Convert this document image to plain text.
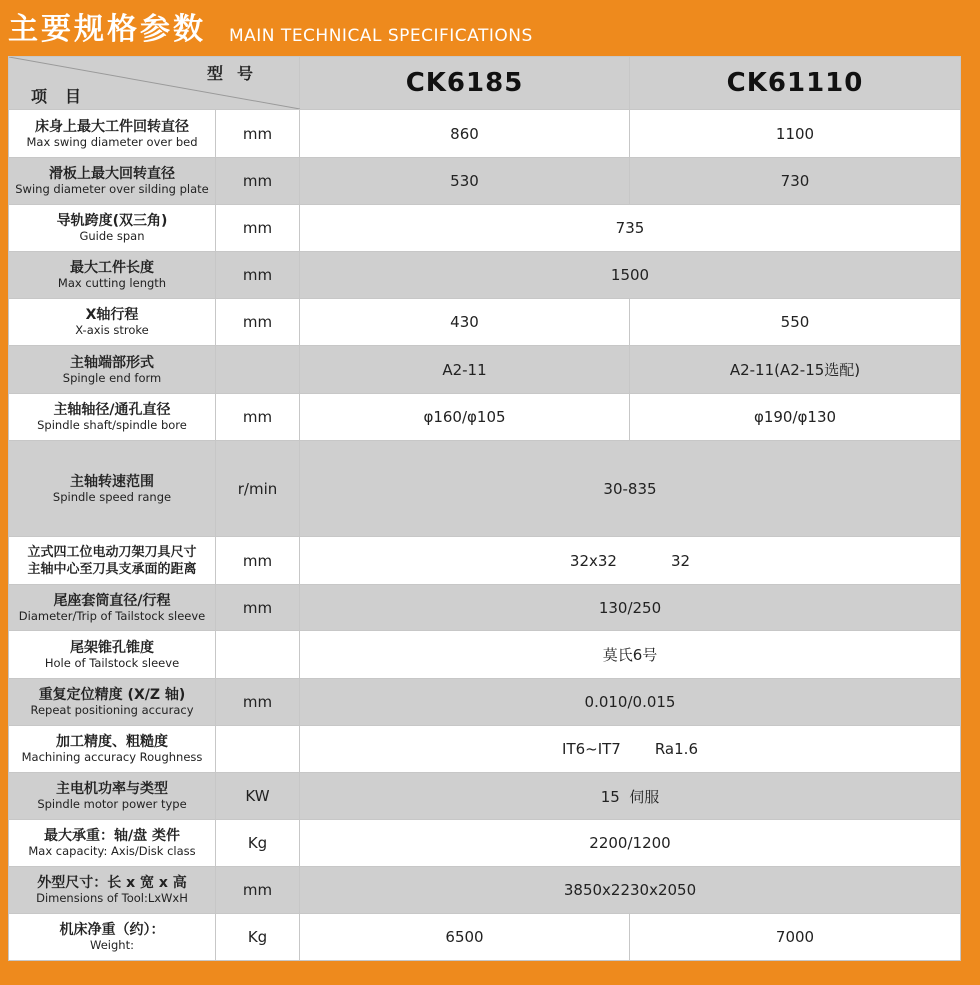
主要规格参数 MAIN TECHNICAL SPECIFICATIONS
型号
项目		CK6185	CK61110

床身上最大工件回转直径
Max swing diameter over bed	mm	860	1100

滑板上最大回转直径
Swing diameter over silding plate	mm	530	730

导轨跨度(双三角)
Guide span	mm	735	

最大工件长度
Max cutting length	mm	1500	

X轴行程
X-axis stroke	mm	430	550

主轴端部形式
Spingle end form		A2-11	A2-11(A2-15选配)

主轴轴径/通孔直径
Spindle shaft/spindle bore	mm	φ160/φ105	φ190/φ130

主轴转速范围
Spindle speed range	r/min	30-835	

立式四工位电动刀架刀具尺寸
主轴中心至刀具支承面的距离	mm	32x32 32	

尾座套筒直径/行程
Diameter/Trip of Tailstock sleeve	mm	130/250	

尾架锥孔锥度
Hole of Tailstock sleeve		莫氏6号	

重复定位精度 (X/Z 轴)
Repeat positioning accuracy	mm	0.010/0.015	

加工精度、粗糙度
Machining accuracy Roughness		IT6~IT7 Ra1.6	

主电机功率与类型
Spindle motor power type	KW	15  伺服	

最大承重：轴/盘 类件
Max capacity: Axis/Disk class	Kg	2200/1200	

外型尺寸：长 x 宽 x 高
Dimensions of Tool:LxWxH	mm	3850x2230x2050	

机床净重（约）：
Weight:	Kg	6500	7000
